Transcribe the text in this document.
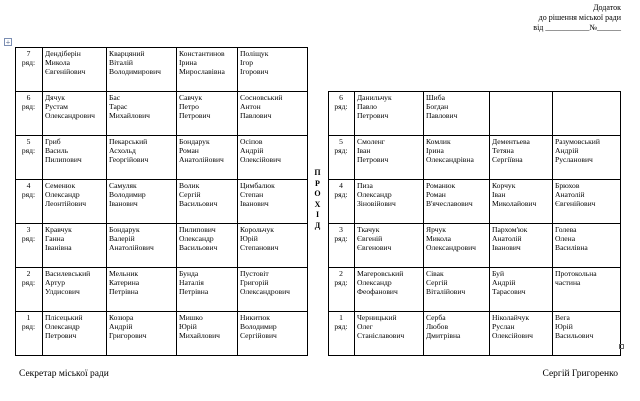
Додаток
до рішення міської ради
від ___________№______
+
7
ряд:	Дендіберін
Микола
Євгенійович	Кварцяний
Віталій
Володимирович	Константинов
Ірина
Мирославівна	Поліщук
Ігор
Ігорович

6
ряд:	Дячук
Рустам
Олександрович	Бас
Тарас
Михайлович	Савчук
Петро
Петрович	Сосновський
Антон
Павлович

5
ряд:	Гриб
Василь
Пилипович	Пекарський
Асхольд
Георгійович	Бондарук
Роман
Анатолійович	Осіпов
Андрій
Олексійович

4
ряд:	Семенюк
Олександр
Леонтійович	Самуляк
Володимир
Іванович	Волик
Сергій
Васильович	Цимбалюк
Степан
Іванович

3
ряд:	Кравчук
Ганна
Іванівна	Бондарук
Валерій
Анатолійович	Пилипович
Олександр
Васильович	Корольчук
Юрій
Степанович

2
ряд:	Василевський
Артур
Улдисович	Мельник
Катерина
Петрівна	Бунда
Наталія
Петрівна	Пустовіт
Григорій
Олександрович

1
ряд:	Плісецький
Олександр
Петрович	Козюра
Андрій
Григорович	Мишко
Юрій
Михайлович	Никитюк
Володимир
Сергійович
П
Р
О
Х
І
Д
6
ряд:	Данильчук
Павло
Петрович	Шиба
Богдан
Павлович		

5
ряд:	Смоленг
Іван
Петрович	Комлик
Ірина
Олександрівна	Дементьева
Тетяна
Сергіївна	Разумовський
Андрій
Русланович

4
ряд:	Пиза
Олександр
Зіновійович	Романюк
Роман
В'ячеславович	Корчук
Іван
Миколайович	Брюхов
Анатолій
Євгенійович

3
ряд:	Ткачук
Євгеній
Євгенович	Ярчук
Микола
Олександрович	Пархом'юк
Анатолій
Іванович	Голева
Олена
Василівна

2
ряд:	Магеровський
Олександр
Феофанович	Сівак
Сергій
Віталійович	Буй
Андрій
Тарасович	Протокольна
частина

1
ряд:	Черницький
Олег
Станіславович	Серба
Любов
Дмитрівна	Ніколайчук
Руслан
Олексійович	Вега
Юрій
Васильович
Секретар міської ради	Сергій Григоренко
